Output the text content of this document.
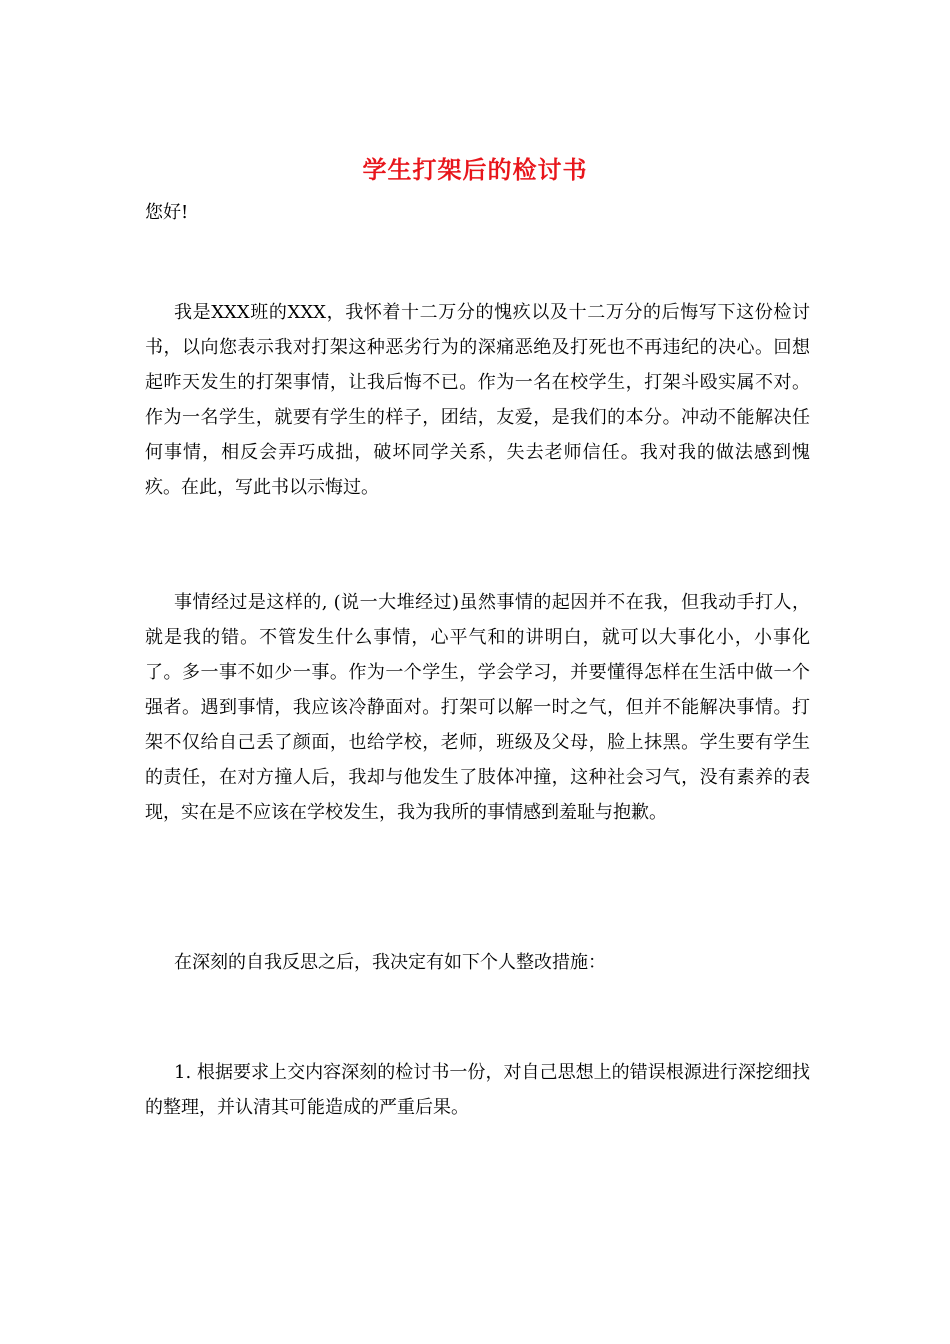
学生打架后的检讨书
您好!

我是XXX班的XXX，我怀着十二万分的愧疚以及十二万分的后悔写下这份检讨书，以向您表示我对打架这种恶劣行为的深痛恶绝及打死也不再违纪的决心。回想起昨天发生的打架事情，让我后悔不已。作为一名在校学生，打架斗殴实属不对。作为一名学生，就要有学生的样子，团结，友爱，是我们的本分。冲动不能解决任何事情，相反会弄巧成拙，破坏同学关系，失去老师信任。我对我的做法感到愧疚。在此，写此书以示悔过。

事情经过是这样的, (说一大堆经过)虽然事情的起因并不在我，但我动手打人，就是我的错。不管发生什么事情，心平气和的讲明白，就可以大事化小，小事化了。多一事不如少一事。作为一个学生，学会学习，并要懂得怎样在生活中做一个强者。遇到事情，我应该冷静面对。打架可以解一时之气，但并不能解决事情。打架不仅给自己丢了颜面，也给学校，老师，班级及父母，脸上抹黑。学生要有学生的责任，在对方撞人后，我却与他发生了肢体冲撞，这种社会习气，没有素养的表现，实在是不应该在学校发生，我为我所的事情感到羞耻与抱歉。

在深刻的自我反思之后，我决定有如下个人整改措施：

1. 根据要求上交内容深刻的检讨书一份，对自己思想上的错误根源进行深挖细找的整理，并认清其可能造成的严重后果。
